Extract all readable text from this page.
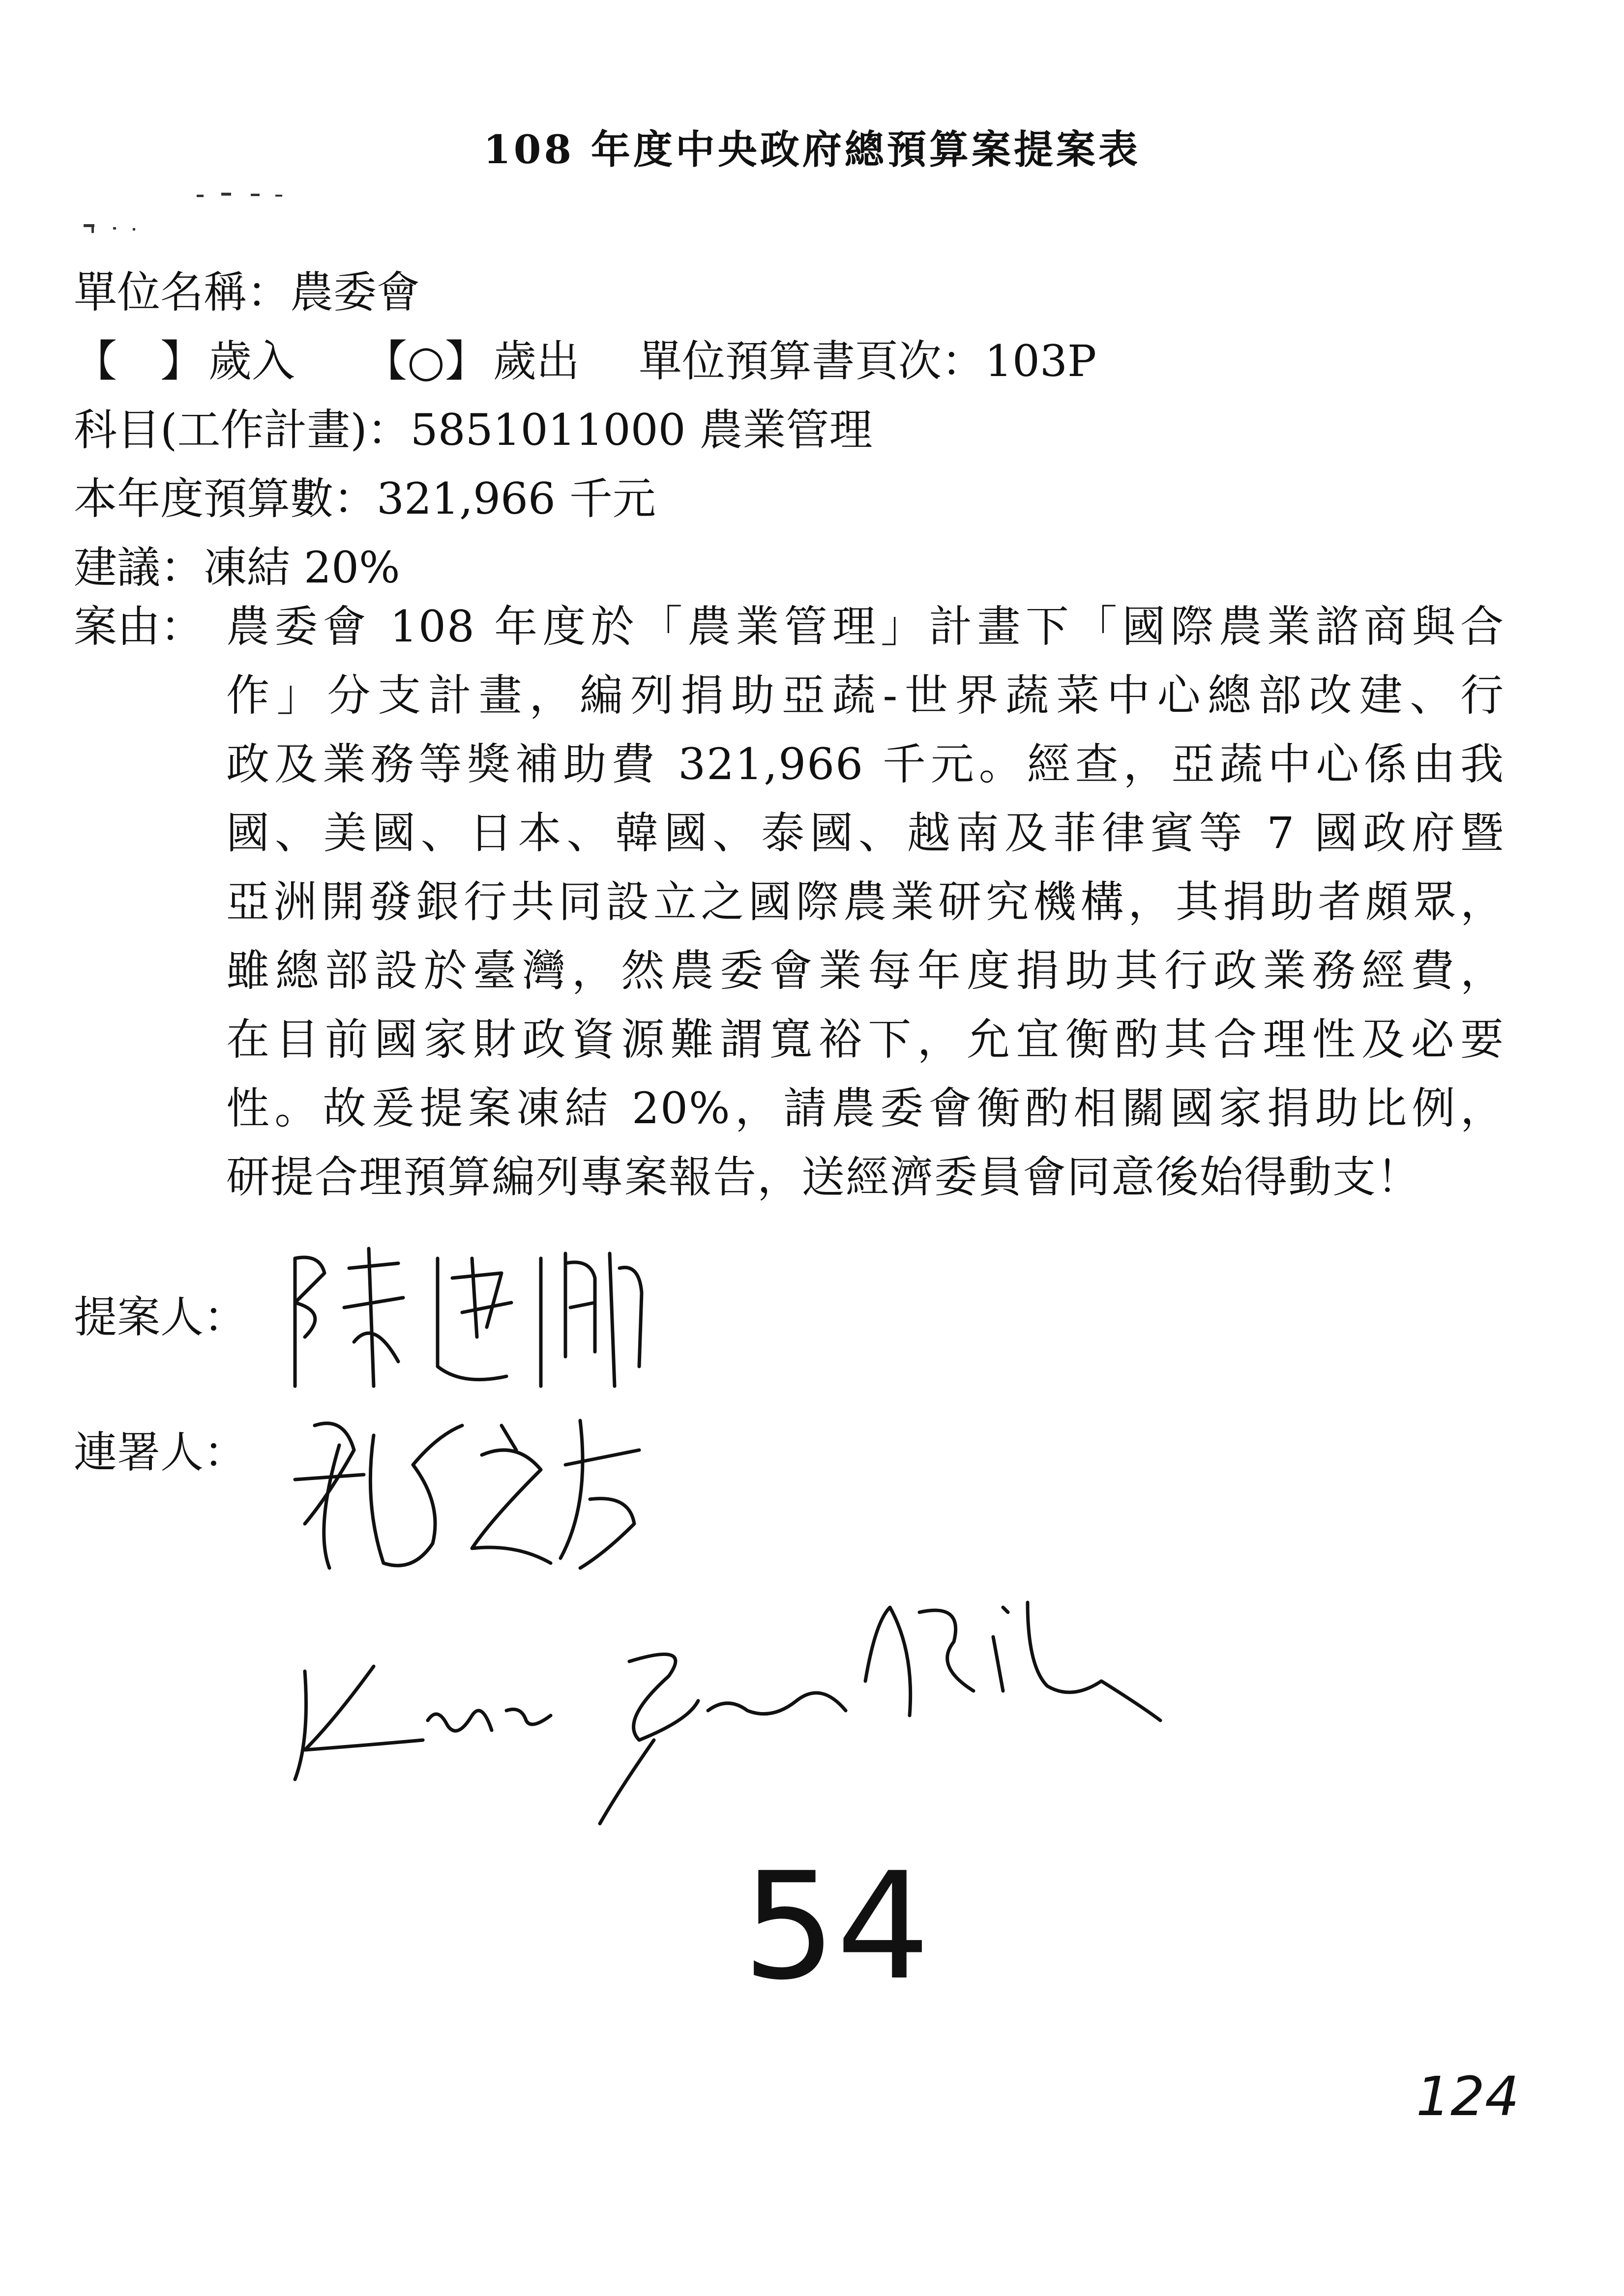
108 年度中央政府總預算案提案表
單位名稱：農委會
【　】 歲入 【○】 歲出 單位預算書頁次：103P
科目(工作計畫)：5851011000 農業管理
本年度預算數：321,966 千元
建議：凍結 20%
案由： 農委會 108 年度於「農業管理」計畫下「國際農業諮商與合
作」分支計畫，編列捐助亞蔬-世界蔬菜中心總部改建、行
政及業務等獎補助費 321,966 千元。經查，亞蔬中心係由我
國、美國、日本、韓國、泰國、越南及菲律賓等 7 國政府暨
亞洲開發銀行共同設立之國際農業研究機構，其捐助者頗眾，
雖總部設於臺灣，然農委會業每年度捐助其行政業務經費，
在目前國家財政資源難謂寬裕下，允宜衡酌其合理性及必要
性。故爰提案凍結 20%，請農委會衡酌相關國家捐助比例，
研提合理預算編列專案報告，送經濟委員會同意後始得動支！
提案人：
連署人：
54
124
